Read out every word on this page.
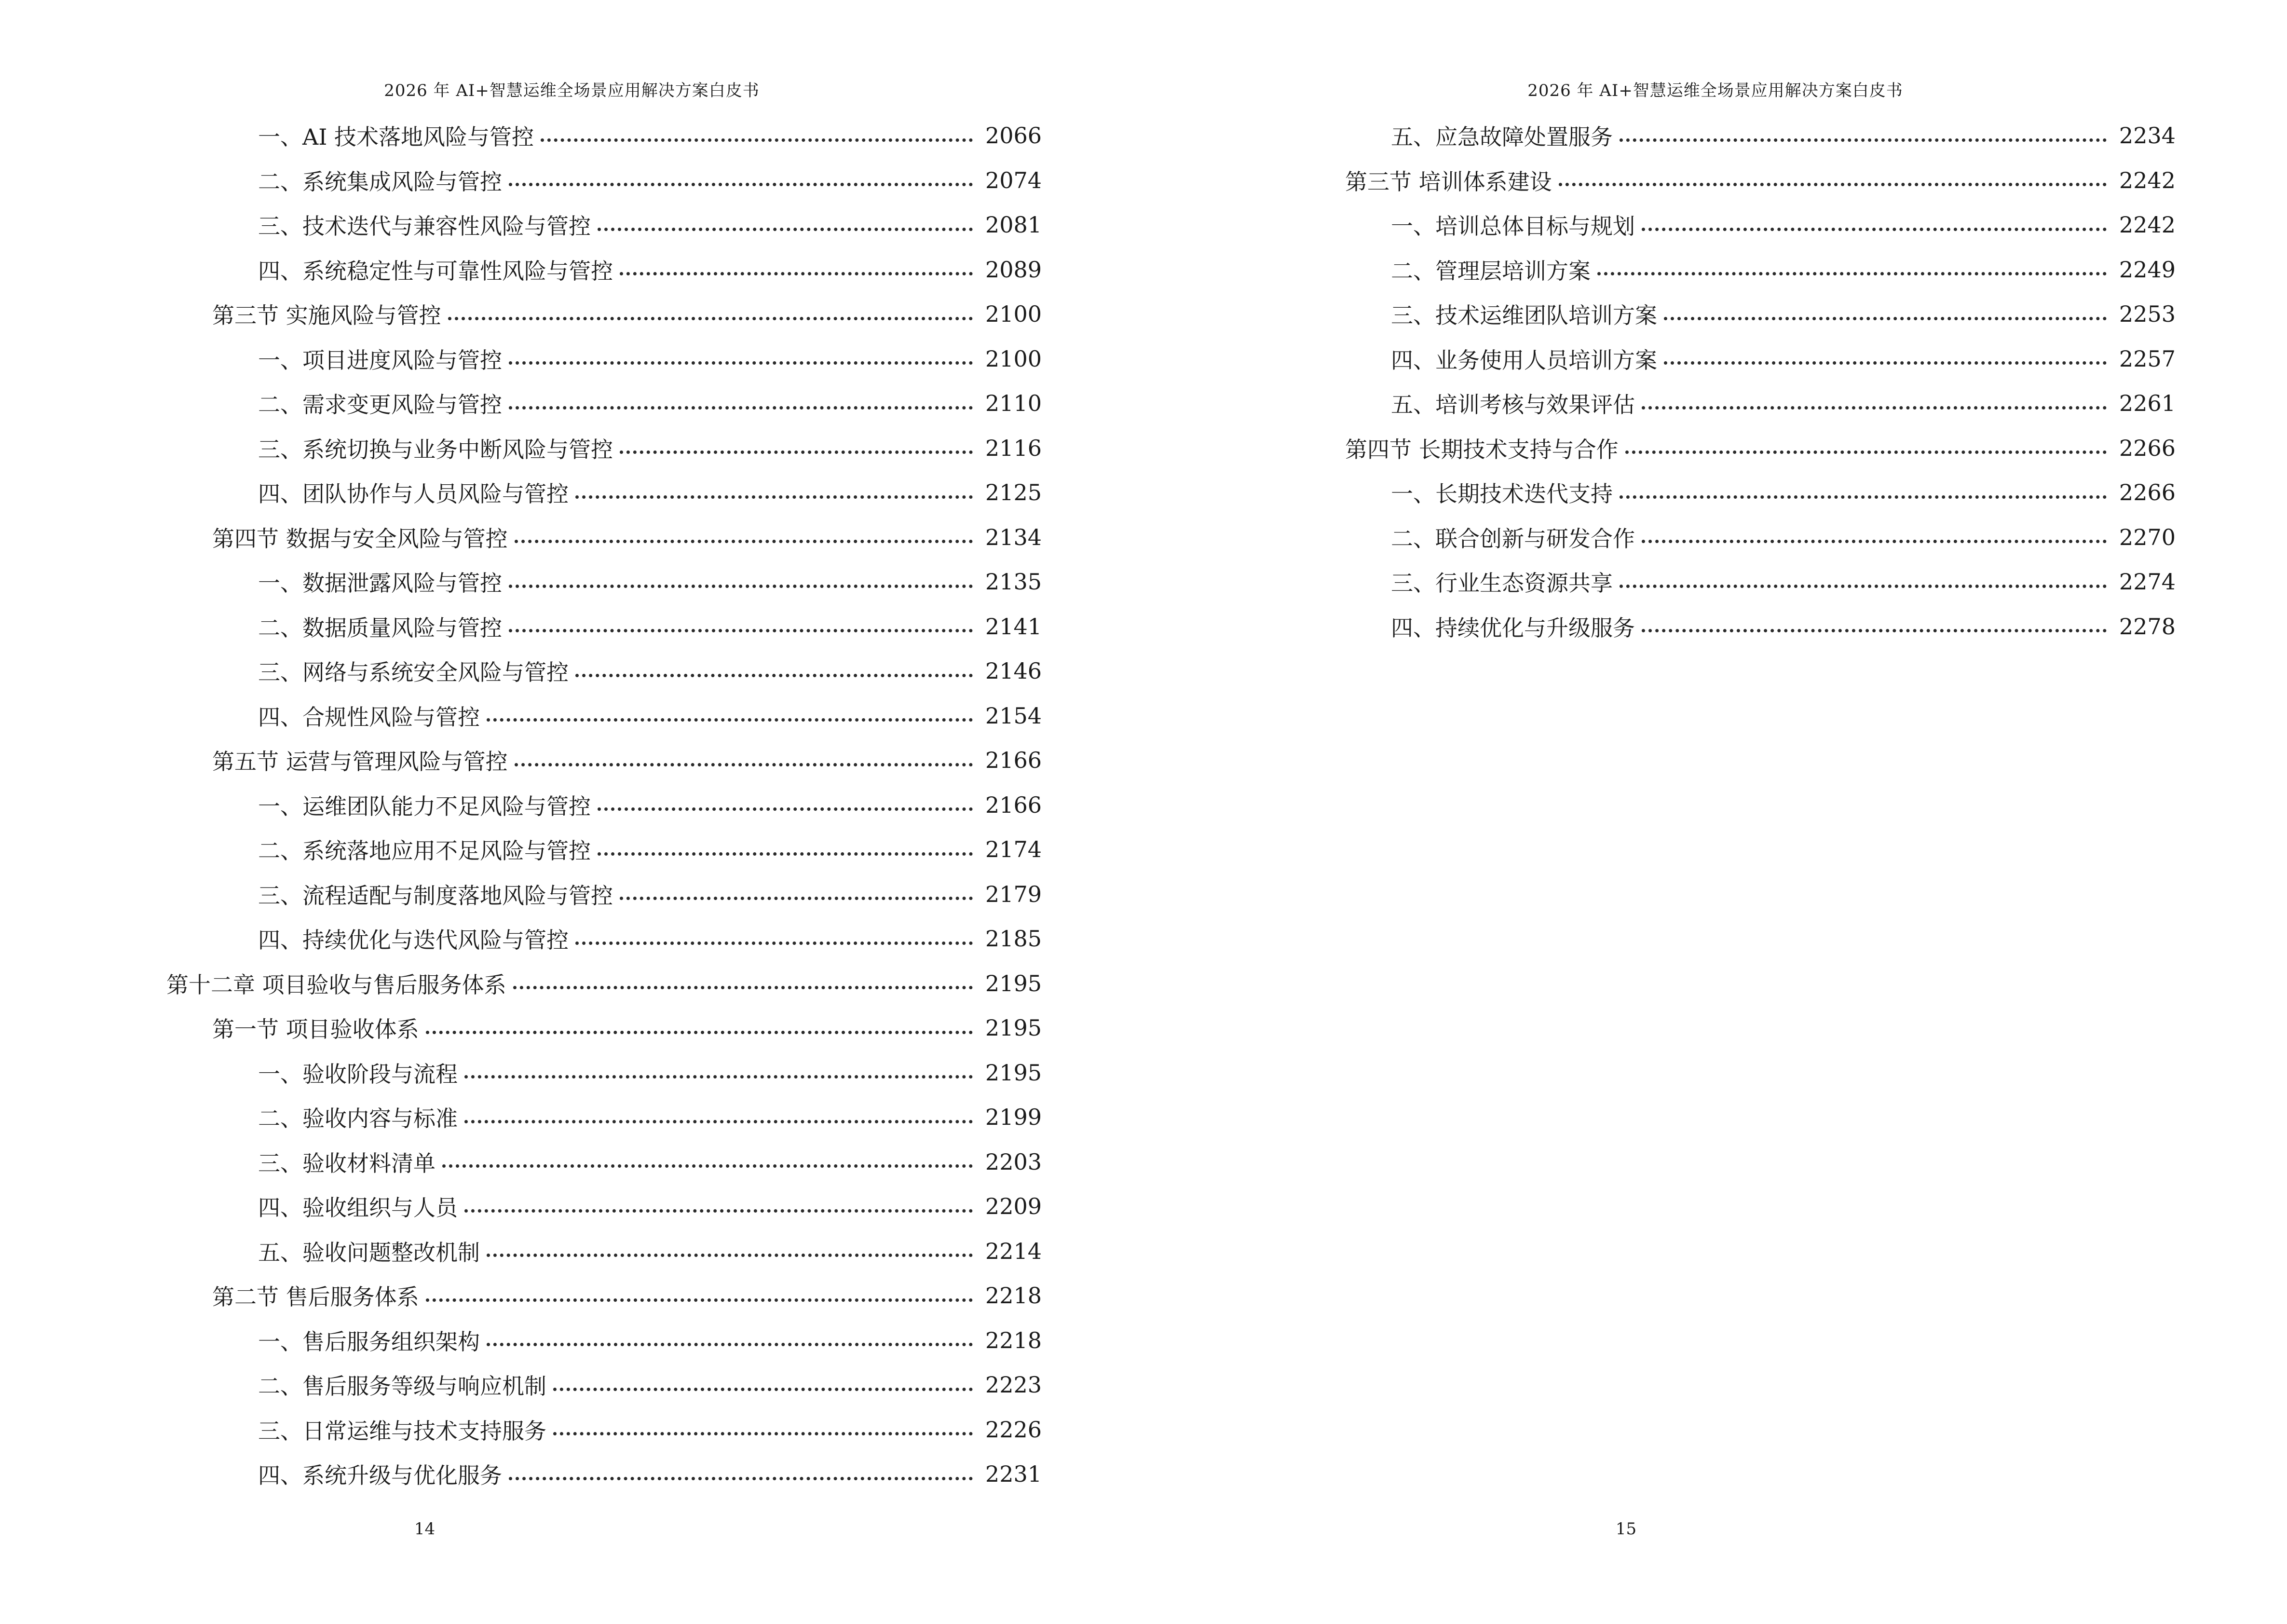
2026 年 AI+智慧运维全场景应用解决方案白皮书
一、AI 技术落地风险与管控	2066
二、系统集成风险与管控	2074
三、技术迭代与兼容性风险与管控	2081
四、系统稳定性与可靠性风险与管控	2089
第三节 实施风险与管控	2100
一、项目进度风险与管控	2100
二、需求变更风险与管控	2110
三、系统切换与业务中断风险与管控	2116
四、团队协作与人员风险与管控	2125
第四节 数据与安全风险与管控	2134
一、数据泄露风险与管控	2135
二、数据质量风险与管控	2141
三、网络与系统安全风险与管控	2146
四、合规性风险与管控	2154
第五节 运营与管理风险与管控	2166
一、运维团队能力不足风险与管控	2166
二、系统落地应用不足风险与管控	2174
三、流程适配与制度落地风险与管控	2179
四、持续优化与迭代风险与管控	2185
第十二章 项目验收与售后服务体系	2195
第一节 项目验收体系	2195
一、验收阶段与流程	2195
二、验收内容与标准	2199
三、验收材料清单	2203
四、验收组织与人员	2209
五、验收问题整改机制	2214
第二节 售后服务体系	2218
一、售后服务组织架构	2218
二、售后服务等级与响应机制	2223
三、日常运维与技术支持服务	2226
四、系统升级与优化服务	2231
14
2026 年 AI+智慧运维全场景应用解决方案白皮书
五、应急故障处置服务	2234
第三节 培训体系建设	2242
一、培训总体目标与规划	2242
二、管理层培训方案	2249
三、技术运维团队培训方案	2253
四、业务使用人员培训方案	2257
五、培训考核与效果评估	2261
第四节 长期技术支持与合作	2266
一、长期技术迭代支持	2266
二、联合创新与研发合作	2270
三、行业生态资源共享	2274
四、持续优化与升级服务	2278
15
